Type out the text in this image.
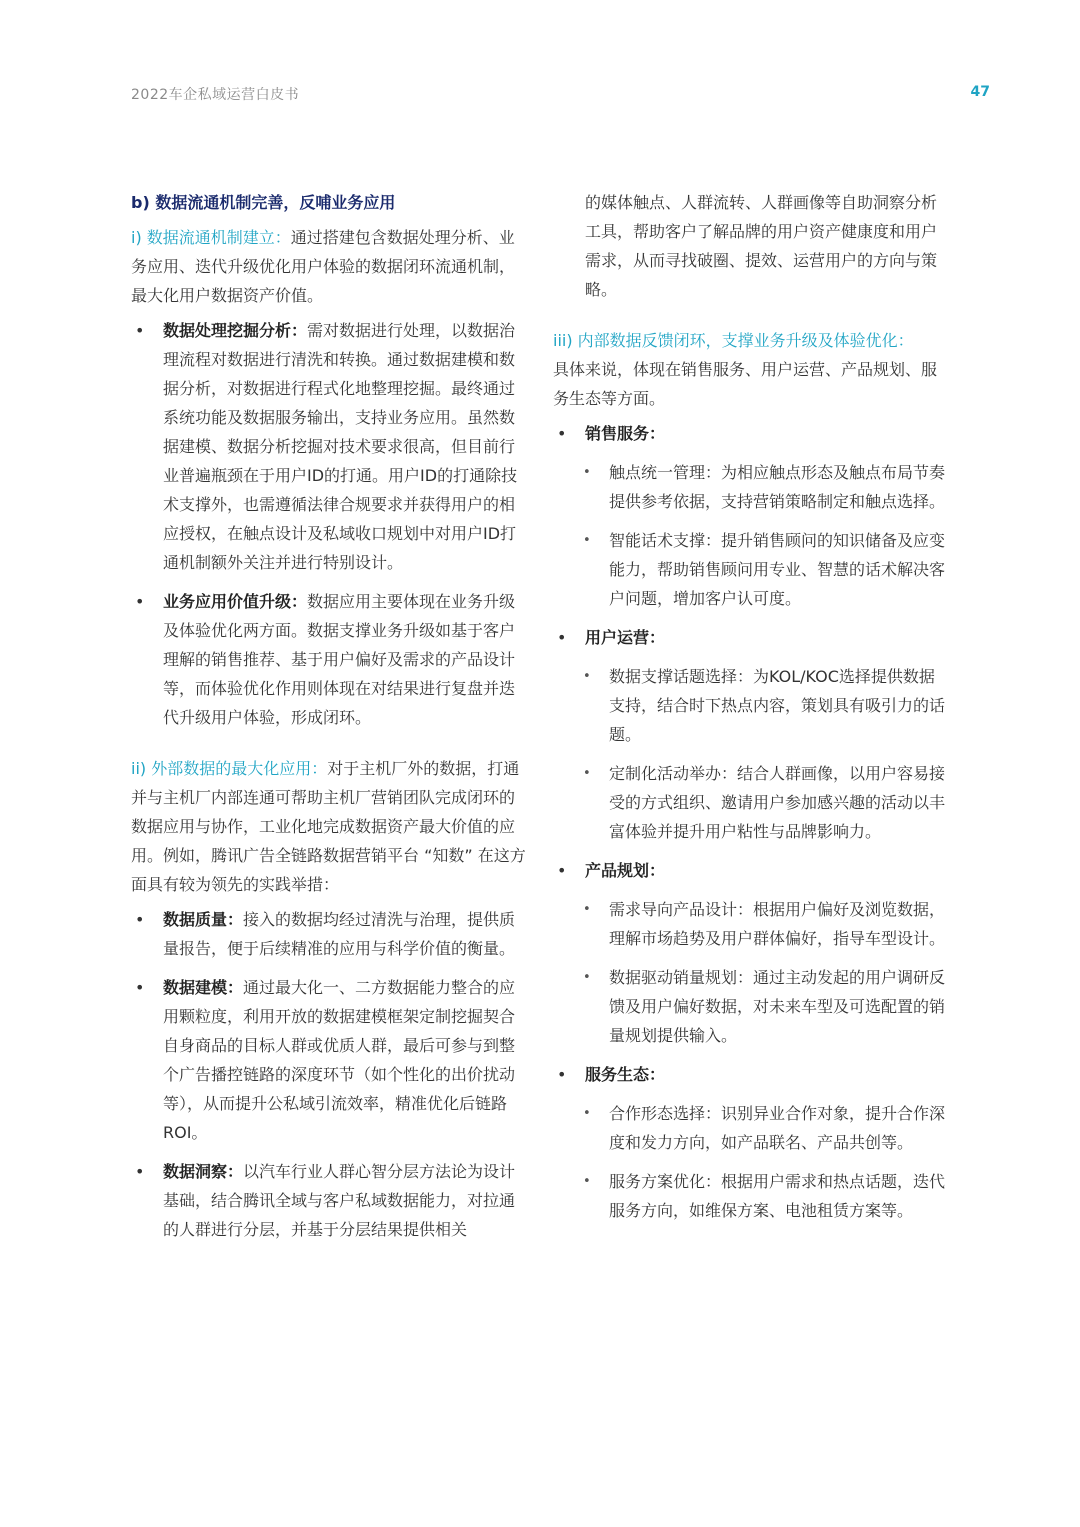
2022车企私域运营白皮书	47

b) 数据流通机制完善，反哺业务应用

i) 数据流通机制建立：通过搭建包含数据处理分析、业务应用、迭代升级优化用户体验的数据闭环流通机制，最大化用户数据资产价值。

• 数据处理挖掘分析：需对数据进行处理，以数据治理流程对数据进行清洗和转换。通过数据建模和数据分析，对数据进行程式化地整理挖掘。最终通过系统功能及数据服务输出，支持业务应用。虽然数据建模、数据分析挖掘对技术要求很高，但目前行业普遍瓶颈在于用户ID的打通。用户ID的打通除技术支撑外，也需遵循法律合规要求并获得用户的相应授权，在触点设计及私域收口规划中对用户ID打通机制额外关注并进行特别设计。
• 业务应用价值升级：数据应用主要体现在业务升级及体验优化两方面。数据支撑业务升级如基于客户理解的销售推荐、基于用户偏好及需求的产品设计等，而体验优化作用则体现在对结果进行复盘并迭代升级用户体验，形成闭环。

ii) 外部数据的最大化应用：对于主机厂外的数据，打通并与主机厂内部连通可帮助主机厂营销团队完成闭环的数据应用与协作，工业化地完成数据资产最大价值的应用。例如，腾讯广告全链路数据营销平台 “知数” 在这方面具有较为领先的实践举措：

• 数据质量：接入的数据均经过清洗与治理，提供质量报告，便于后续精准的应用与科学价值的衡量。
• 数据建模：通过最大化一、二方数据能力整合的应用颗粒度，利用开放的数据建模框架定制挖掘契合自身商品的目标人群或优质人群，最后可参与到整个广告播控链路的深度环节（如个性化的出价扰动等），从而提升公私域引流效率，精准优化后链路ROI。
• 数据洞察：以汽车行业人群心智分层方法论为设计基础，结合腾讯全域与客户私域数据能力，对拉通的人群进行分层，并基于分层结果提供相关
的媒体触点、人群流转、人群画像等自助洞察分析工具，帮助客户了解品牌的用户资产健康度和用户需求，从而寻找破圈、提效、运营用户的方向与策略。

iii) 内部数据反馈闭环，支撑业务升级及体验优化：
具体来说，体现在销售服务、用户运营、产品规划、服务生态等方面。

• 销售服务：
• 触点统一管理：为相应触点形态及触点布局节奏提供参考依据，支持营销策略制定和触点选择。
• 智能话术支撑：提升销售顾问的知识储备及应变能力，帮助销售顾问用专业、智慧的话术解决客户问题，增加客户认可度。
• 用户运营：
• 数据支撑话题选择：为KOL/KOC选择提供数据支持，结合时下热点内容，策划具有吸引力的话题。
• 定制化活动举办：结合人群画像，以用户容易接受的方式组织、邀请用户参加感兴趣的活动以丰富体验并提升用户粘性与品牌影响力。
• 产品规划：
• 需求导向产品设计：根据用户偏好及浏览数据，理解市场趋势及用户群体偏好，指导车型设计。
• 数据驱动销量规划：通过主动发起的用户调研反馈及用户偏好数据，对未来车型及可选配置的销量规划提供输入。
• 服务生态：
• 合作形态选择：识别异业合作对象，提升合作深度和发力方向，如产品联名、产品共创等。
• 服务方案优化：根据用户需求和热点话题，迭代服务方向，如维保方案、电池租赁方案等。
